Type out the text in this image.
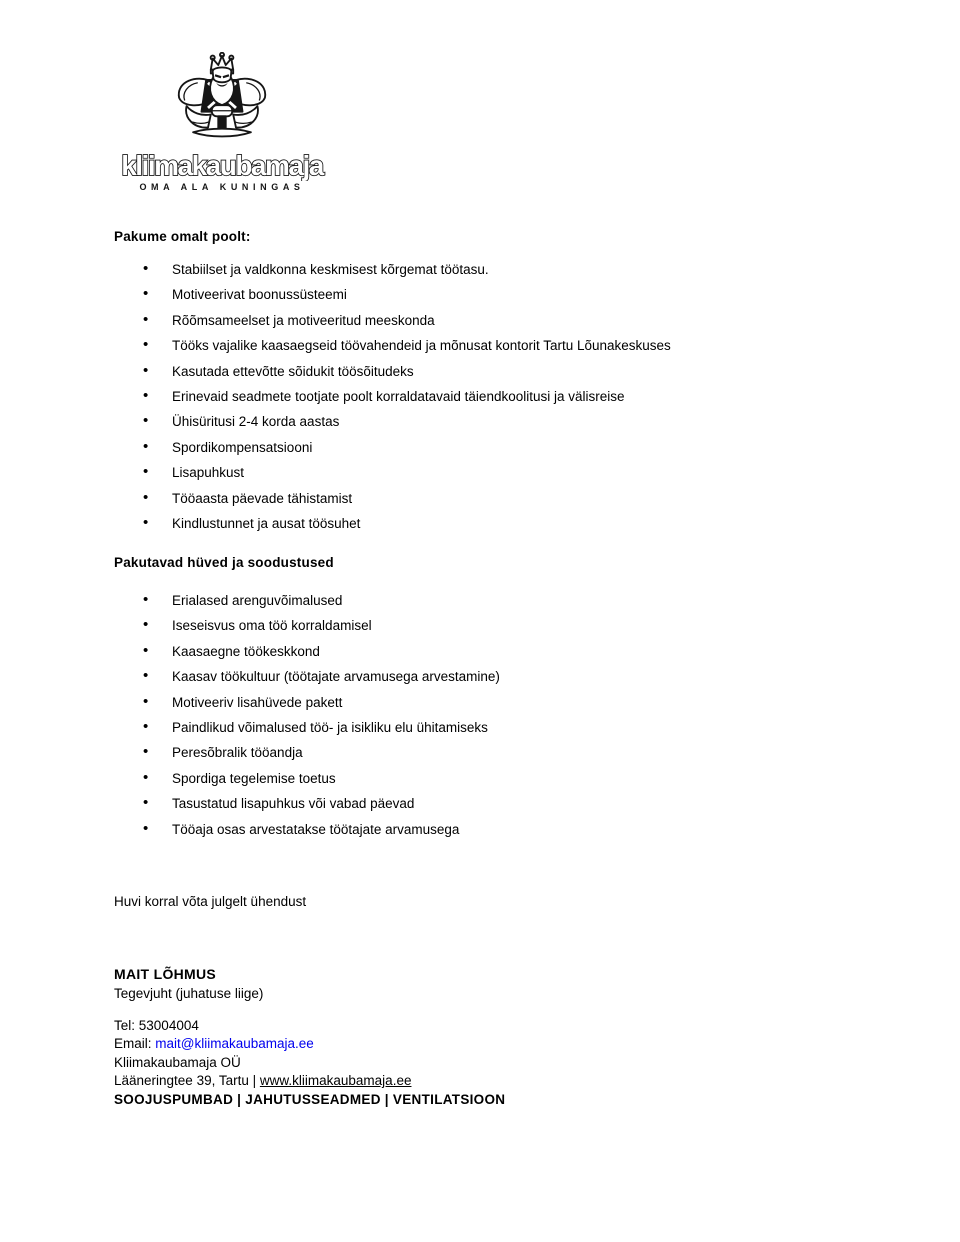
kliimakaubamaja
OMA ALA KUNINGAS

Pakume omalt poolt:

• Stabiilset ja valdkonna keskmisest kõrgemat töötasu.
• Motiveerivat boonussüsteemi
• Rõõmsameelset ja motiveeritud meeskonda
• Tööks vajalike kaasaegseid töövahendeid ja mõnusat kontorit Tartu Lõunakeskuses
• Kasutada ettevõtte sõidukit töösõitudeks
• Erinevaid seadmete tootjate poolt korraldatavaid täiendkoolitusi ja välisreise
• Ühisüritusi 2-4 korda aastas
• Spordikompensatsiooni
• Lisapuhkust
• Tööaasta päevade tähistamist
• Kindlustunnet ja ausat töösuhet

Pakutavad hüved ja soodustused

• Erialased arenguvõimalused
• Iseseisvus oma töö korraldamisel
• Kaasaegne töökeskkond
• Kaasav töökultuur (töötajate arvamusega arvestamine)
• Motiveeriv lisahüvede pakett
• Paindlikud võimalused töö- ja isikliku elu ühitamiseks
• Peresõbralik tööandja
• Spordiga tegelemise toetus
• Tasustatud lisapuhkus või vabad päevad
• Tööaja osas arvestatakse töötajate arvamusega

Huvi korral võta julgelt ühendust

MAIT LÕHMUS

Tegevjuht (juhatuse liige)

Tel: 53004004
Email: mait@kliimakaubamaja.ee
Kliimakaubamaja OÜ
Lääneringtee 39, Tartu | www.kliimakaubamaja.ee
SOOJUSPUMBAD | JAHUTUSSEADMED | VENTILATSIOON
